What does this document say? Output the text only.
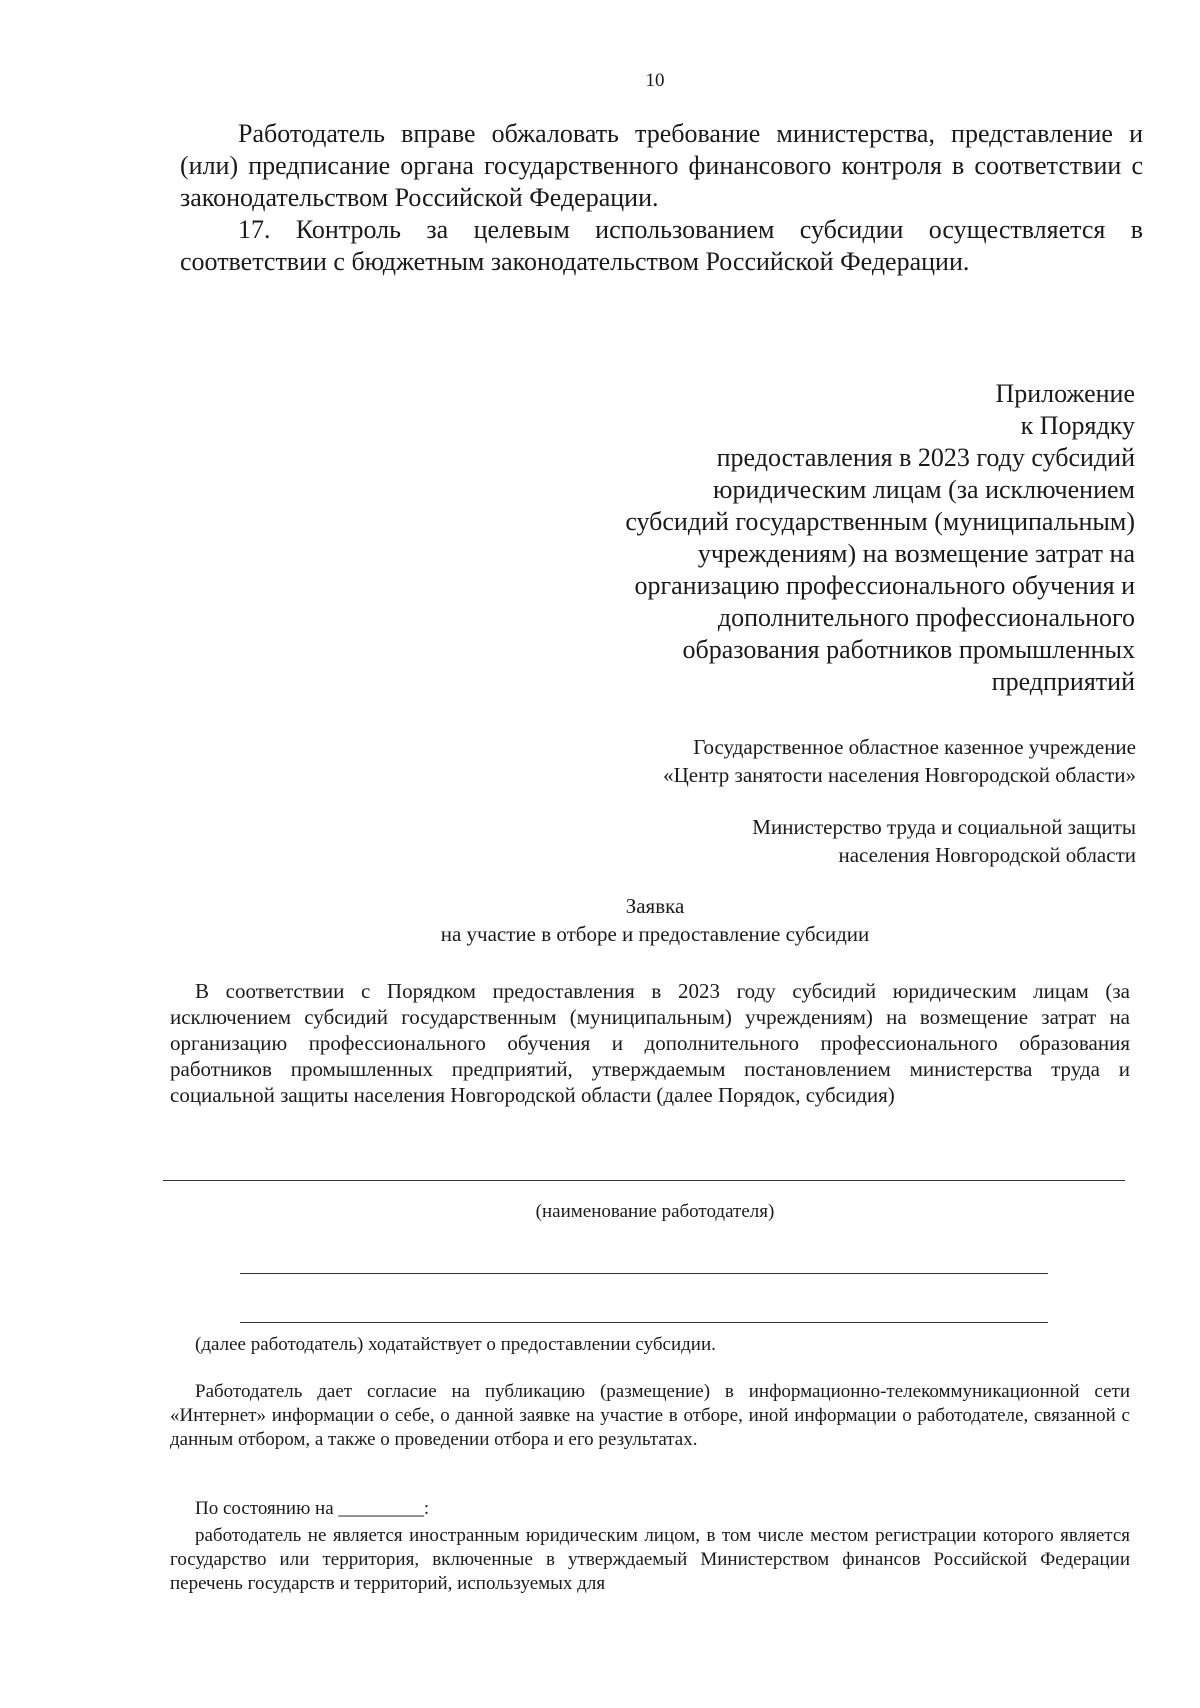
10

Работодатель вправе обжаловать требование министерства, представление и (или) предписание органа государственного финансового контроля в соответствии с законодательством Российской Федерации.

17. Контроль за целевым использованием субсидии осуществляется в соответствии с бюджетным законодательством Российской Федерации.

Приложение
к Порядку
предоставления в 2023 году субсидий
юридическим лицам (за исключением
субсидий государственным (муниципальным)
учреждениям) на возмещение затрат на
организацию профессионального обучения и
дополнительного профессионального
образования работников промышленных
предприятий
Государственное областное казенное учреждение
«Центр занятости населения Новгородской области»
Министерство труда и социальной защиты
населения Новгородской области
Заявка
на участие в отборе и предоставление субсидии

В соответствии с Порядком предоставления в 2023 году субсидий юридическим лицам (за исключением субсидий государственным (муниципальным) учреждениям) на возмещение затрат на организацию профессионального обучения и дополнительного профессионального образования работников промышленных предприятий, утверждаемым постановлением министерства труда и социальной защиты населения Новгородской области (далее Порядок, субсидия)

(наименование работодателя)

(далее работодатель) ходатайствует о предоставлении субсидии.

Работодатель дает согласие на публикацию (размещение) в информационно-телекоммуникационной сети «Интернет» информации о себе, о данной заявке на участие в отборе, иной информации о работодателе, связанной с данным отбором, а также о проведении отбора и его результатах.

По состоянию на _________:

работодатель не является иностранным юридическим лицом, в том числе местом регистрации которого является государство или территория, включенные в утверждаемый Министерством финансов Российской Федерации перечень государств и территорий, используемых для
